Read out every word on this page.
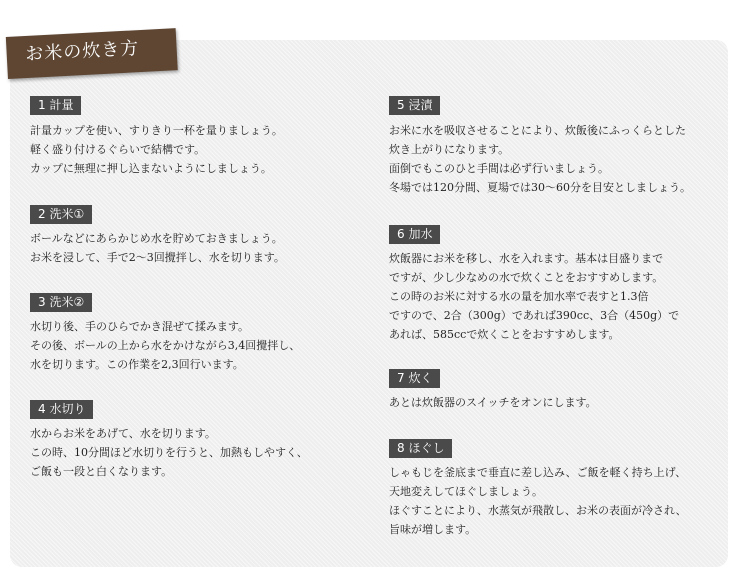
お米の炊き方
1 計量
計量カップを使い、すりきり一杯を量りましょう。
軽く盛り付けるぐらいで結構です。
カップに無理に押し込まないようにしましょう。
2 洗米①
ボールなどにあらかじめ水を貯めておきましょう。
お米を浸して、手で2～3回攪拌し、水を切ります。
3 洗米②
水切り後、手のひらでかき混ぜて揉みます。
その後、ボールの上から水をかけながら3,4回攪拌し、
水を切ります。この作業を2,3回行います。
4 水切り
水からお米をあげて、水を切ります。
この時、10分間ほど水切りを行うと、加熱もしやすく、
ご飯も一段と白くなります。
5 浸漬
お米に水を吸収させることにより、炊飯後にふっくらとした
炊き上がりになります。
面倒でもこのひと手間は必ず行いましょう。
冬場では120分間、夏場では30～60分を目安としましょう。
6 加水
炊飯器にお米を移し、水を入れます。基本は目盛りまで
ですが、少し少なめの水で炊くことをおすすめします。
この時のお米に対する水の量を加水率で表すと1.3倍
ですので、2合（300g）であれば390cc、3合（450g）で
あれば、585ccで炊くことをおすすめします。
7 炊く
あとは炊飯器のスイッチをオンにします。
8 ほぐし
しゃもじを釜底まで垂直に差し込み、ご飯を軽く持ち上げ、
天地変えしてほぐしましょう。
ほぐすことにより、水蒸気が飛散し、お米の表面が冷され、
旨味が増します。
